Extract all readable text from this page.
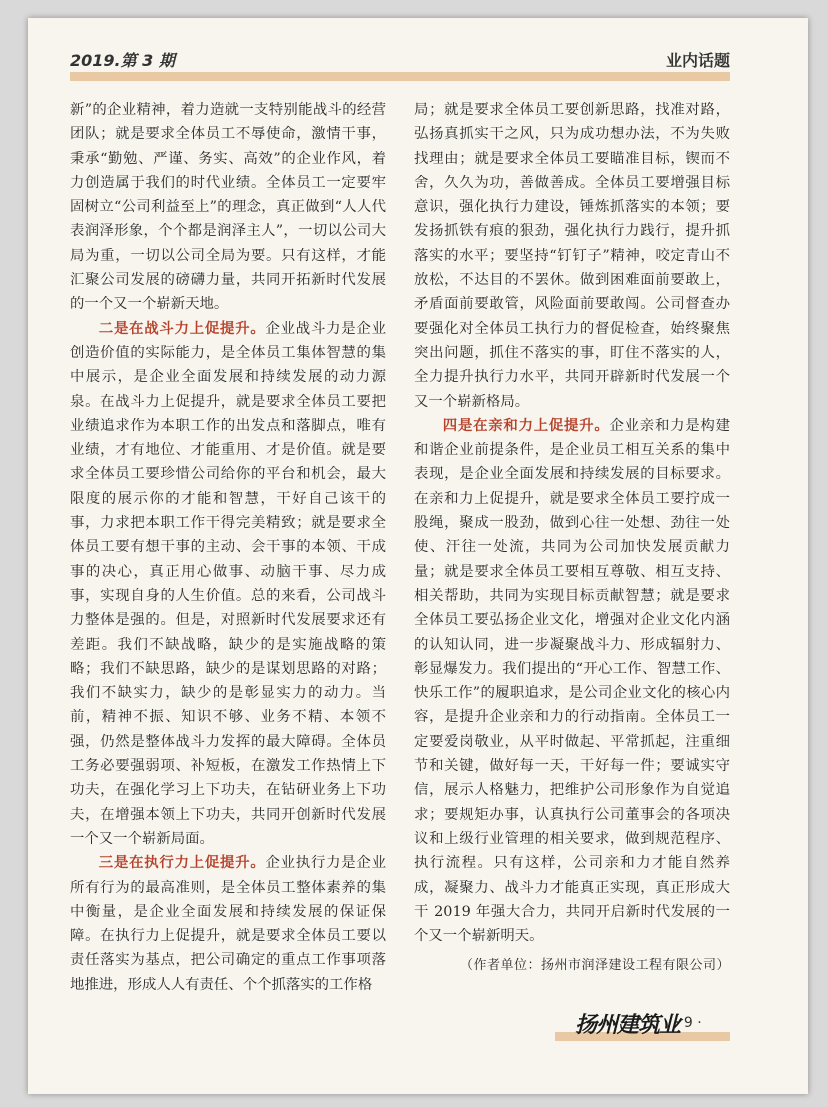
2019.第 3 期	业内话题

新”的企业精神，着力造就一支特别能战斗的经营团队；就是要求全体员工不辱使命，激情干事，秉承“勤勉、严谨、务实、高效”的企业作风，着力创造属于我们的时代业绩。全体员工一定要牢固树立“公司利益至上”的理念，真正做到“人人代表润泽形象，个个都是润泽主人”，一切以公司大局为重，一切以公司全局为要。只有这样，才能汇聚公司发展的磅礴力量，共同开拓新时代发展的一个又一个崭新天地。

二是在战斗力上促提升。企业战斗力是企业创造价值的实际能力，是全体员工集体智慧的集中展示，是企业全面发展和持续发展的动力源泉。在战斗力上促提升，就是要求全体员工要把业绩追求作为本职工作的出发点和落脚点，唯有业绩，才有地位、才能重用、才是价值。就是要求全体员工要珍惜公司给你的平台和机会，最大限度的展示你的才能和智慧，干好自己该干的事，力求把本职工作干得完美精致；就是要求全体员工要有想干事的主动、会干事的本领、干成事的决心，真正用心做事、动脑干事、尽力成事，实现自身的人生价值。总的来看，公司战斗力整体是强的。但是，对照新时代发展要求还有差距。我们不缺战略，缺少的是实施战略的策略；我们不缺思路，缺少的是谋划思路的对路；我们不缺实力，缺少的是彰显实力的动力。当前，精神不振、知识不够、业务不精、本领不强，仍然是整体战斗力发挥的最大障碍。全体员工务必要强弱项、补短板，在激发工作热情上下功夫，在强化学习上下功夫，在钻研业务上下功夫，在增强本领上下功夫，共同开创新时代发展一个又一个崭新局面。

三是在执行力上促提升。企业执行力是企业所有行为的最高准则，是全体员工整体素养的集中衡量，是企业全面发展和持续发展的保证保障。在执行力上促提升，就是要求全体员工要以责任落实为基点，把公司确定的重点工作事项落地推进，形成人人有责任、个个抓落实的工作格

局；就是要求全体员工要创新思路，找准对路，弘扬真抓实干之风，只为成功想办法，不为失败找理由；就是要求全体员工要瞄准目标，锲而不舍，久久为功，善做善成。全体员工要增强目标意识，强化执行力建设，锤炼抓落实的本领；要发扬抓铁有痕的狠劲，强化执行力践行，提升抓落实的水平；要坚持“钉钉子”精神，咬定青山不放松，不达目的不罢休。做到困难面前要敢上，矛盾面前要敢管，风险面前要敢闯。公司督查办要强化对全体员工执行力的督促检查，始终聚焦突出问题，抓住不落实的事，盯住不落实的人，全力提升执行力水平，共同开辟新时代发展一个又一个崭新格局。

四是在亲和力上促提升。企业亲和力是构建和谐企业前提条件，是企业员工相互关系的集中表现，是企业全面发展和持续发展的目标要求。在亲和力上促提升，就是要求全体员工要拧成一股绳，聚成一股劲，做到心往一处想、劲往一处使、汗往一处流，共同为公司加快发展贡献力量；就是要求全体员工要相互尊敬、相互支持、相关帮助，共同为实现目标贡献智慧；就是要求全体员工要弘扬企业文化，增强对企业文化内涵的认知认同，进一步凝聚战斗力、形成辐射力、彰显爆发力。我们提出的“开心工作、智慧工作、快乐工作”的履职追求，是公司企业文化的核心内容，是提升企业亲和力的行动指南。全体员工一定要爱岗敬业，从平时做起、平常抓起，注重细节和关键，做好每一天，干好每一件；要诚实守信，展示人格魅力，把维护公司形象作为自觉追求；要规矩办事，认真执行公司董事会的各项决议和上级行业管理的相关要求，做到规范程序、执行流程。只有这样，公司亲和力才能自然养成，凝聚力、战斗力才能真正实现，真正形成大干 2019 年强大合力，共同开启新时代发展的一个又一个崭新明天。

（作者单位：扬州市润泽建设工程有限公司）

扬州建筑业
· 9 ·
